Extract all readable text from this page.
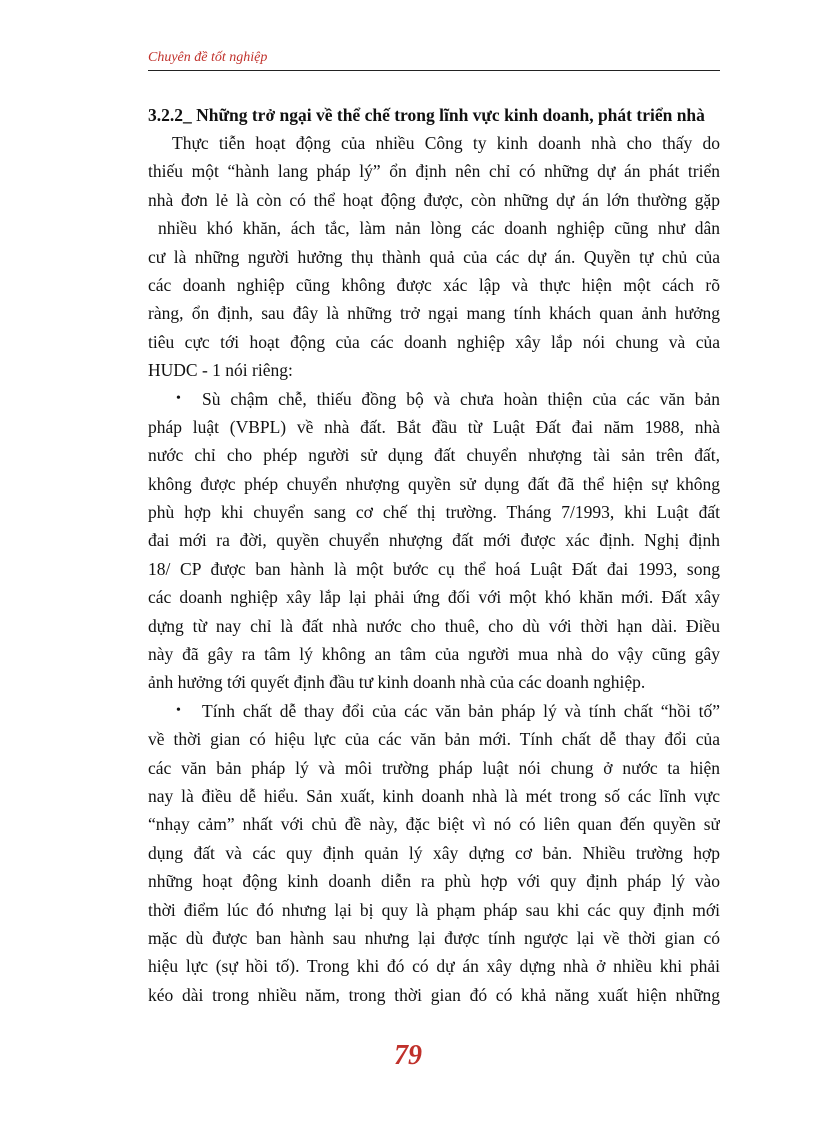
Chuyên đề tốt nghiệp

3.2.2_ Những trở ngại về thể chế trong lĩnh vực kinh doanh, phát triển nhà

Thực tiễn hoạt động của nhiều Công ty kinh doanh nhà cho thấy do
thiếu một “hành lang pháp lý” ổn định nên chỉ có những dự án phát triển
nhà đơn lẻ là còn có thể hoạt động được, còn những dự án lớn thường gặp
nhiều khó khăn, ách tắc, làm nản lòng các doanh nghiệp cũng như dân
cư là những người hưởng thụ thành quả của các dự án. Quyền tự chủ của
các doanh nghiệp cũng không được xác lập và thực hiện một cách rõ
ràng, ổn định, sau đây là những trở ngại mang tính khách quan ảnh hưởng
tiêu cực tới hoạt động của các doanh nghiệp xây lắp nói chung và của
HUDC - 1 nói riêng:
•	Sù chậm chễ, thiếu đồng bộ và chưa hoàn thiện của các văn bản
pháp luật (VBPL) về nhà đất. Bắt đầu từ Luật Đất đai năm 1988, nhà
nước chỉ cho phép người sử dụng đất chuyển nhượng tài sản trên đất,
không được phép chuyển nhượng quyền sử dụng đất đã thể hiện sự không
phù hợp khi chuyển sang cơ chế thị trường. Tháng 7/1993, khi Luật đất
đai mới ra đời, quyền chuyển nhượng đất mới được xác định. Nghị định
18/ CP được ban hành là một bước cụ thể hoá Luật Đất đai 1993, song
các doanh nghiệp xây lắp lại phải ứng đối với một khó khăn mới. Đất xây
dựng từ nay chỉ là đất nhà nước cho thuê, cho dù với thời hạn dài. Điều
này đã gây ra tâm lý không an tâm của người mua nhà do vậy cũng gây
ảnh hưởng tới quyết định đầu tư kinh doanh nhà của các doanh nghiệp.
•	Tính chất dễ thay đổi của các văn bản pháp lý và tính chất “hồi tố”
về thời gian có hiệu lực của các văn bản mới. Tính chất dễ thay đổi của
các văn bản pháp lý và môi trường pháp luật nói chung ở nước ta hiện
nay là điều dễ hiểu. Sản xuất, kinh doanh nhà là mét trong số các lĩnh vực
“nhạy cảm” nhất với chủ đề này, đặc biệt vì nó có liên quan đến quyền sử
dụng đất và các quy định quản lý xây dựng cơ bản. Nhiều trường hợp
những hoạt động kinh doanh diễn ra phù hợp với quy định pháp lý vào
thời điểm lúc đó nhưng lại bị quy là phạm pháp sau khi các quy định mới
mặc dù được ban hành sau nhưng lại được tính ngược lại về thời gian có
hiệu lực (sự hồi tố). Trong khi đó có dự án xây dựng nhà ở nhiều khi phải
kéo dài trong nhiều năm, trong thời gian đó có khả năng xuất hiện những
79
